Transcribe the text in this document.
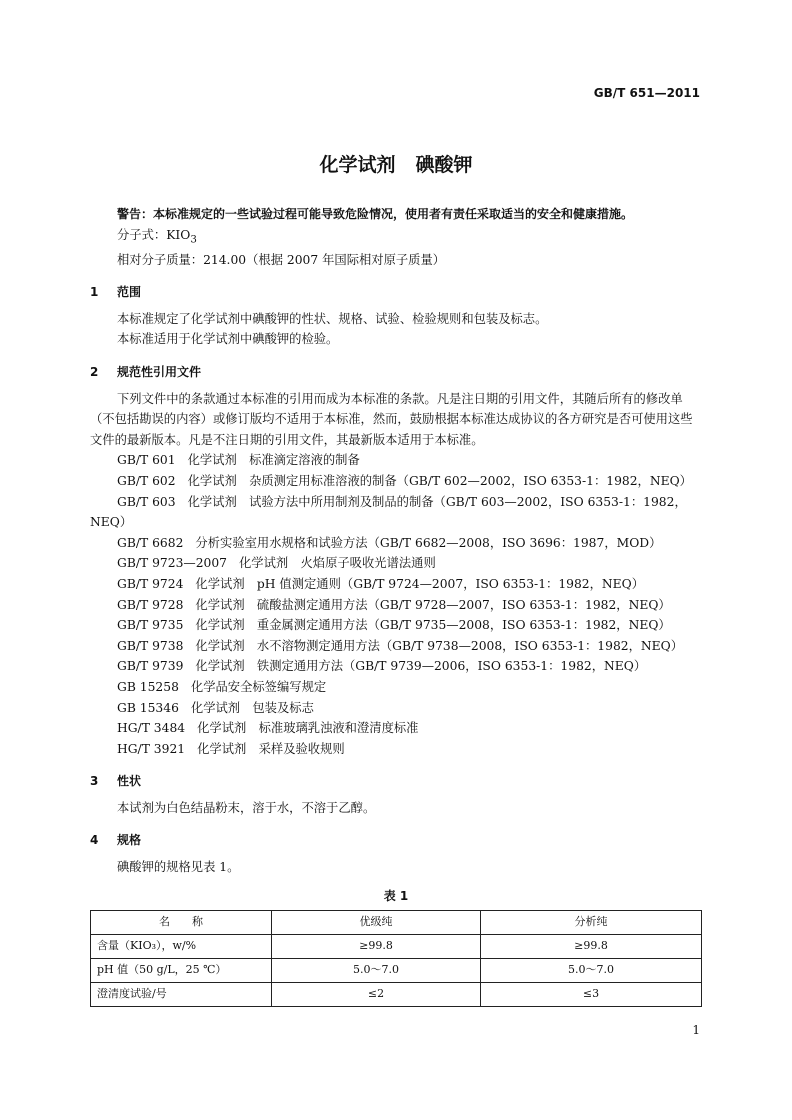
GB/T 651—2011
化学试剂 碘酸钾

警告：本标准规定的一些试验过程可能导致危险情况，使用者有责任采取适当的安全和健康措施。

分子式：$KIO_3$

相对分子质量：214.00（根据 2007 年国际相对原子质量）

1 范围

本标准规定了化学试剂中碘酸钾的性状、规格、试验、检验规则和包装及标志。

本标准适用于化学试剂中碘酸钾的检验。

2 规范性引用文件

下列文件中的条款通过本标准的引用而成为本标准的条款。凡是注日期的引用文件，其随后所有的修改单（不包括勘误的内容）或修订版均不适用于本标准，然而，鼓励根据本标准达成协议的各方研究是否可使用这些文件的最新版本。凡是不注日期的引用文件，其最新版本适用于本标准。

GB/T 601 化学试剂　标准滴定溶液的制备
GB/T 602 化学试剂　杂质测定用标准溶液的制备（GB/T 602—2002，ISO 6353-1：1982，NEQ）
GB/T 603 化学试剂　试验方法中所用制剂及制品的制备（GB/T 603—2002，ISO 6353-1：1982，NEQ）
GB/T 6682 分析实验室用水规格和试验方法（GB/T 6682—2008，ISO 3696：1987，MOD）
GB/T 9723—2007 化学试剂　火焰原子吸收光谱法通则
GB/T 9724 化学试剂　pH 值测定通则（GB/T 9724—2007，ISO 6353-1：1982，NEQ）
GB/T 9728 化学试剂　硫酸盐测定通用方法（GB/T 9728—2007，ISO 6353-1：1982，NEQ）
GB/T 9735 化学试剂　重金属测定通用方法（GB/T 9735—2008，ISO 6353-1：1982，NEQ）
GB/T 9738 化学试剂　水不溶物测定通用方法（GB/T 9738—2008，ISO 6353-1：1982，NEQ）
GB/T 9739 化学试剂　铁测定通用方法（GB/T 9739—2006，ISO 6353-1：1982，NEQ）
GB 15258 化学品安全标签编写规定
GB 15346 化学试剂　包装及标志
HG/T 3484 化学试剂　标准玻璃乳浊液和澄清度标准
HG/T 3921 化学试剂　采样及验收规则
3 性状

本试剂为白色结晶粉末，溶于水，不溶于乙醇。

4 规格

碘酸钾的规格见表 1。

表 1
名　　称	优级纯	分析纯
含量（KIO₃），w/%	≥99.8	≥99.8
pH 值（50 g/L，25 ℃）	5.0～7.0	5.0～7.0
澄清度试验/号	≤2	≤3
1
